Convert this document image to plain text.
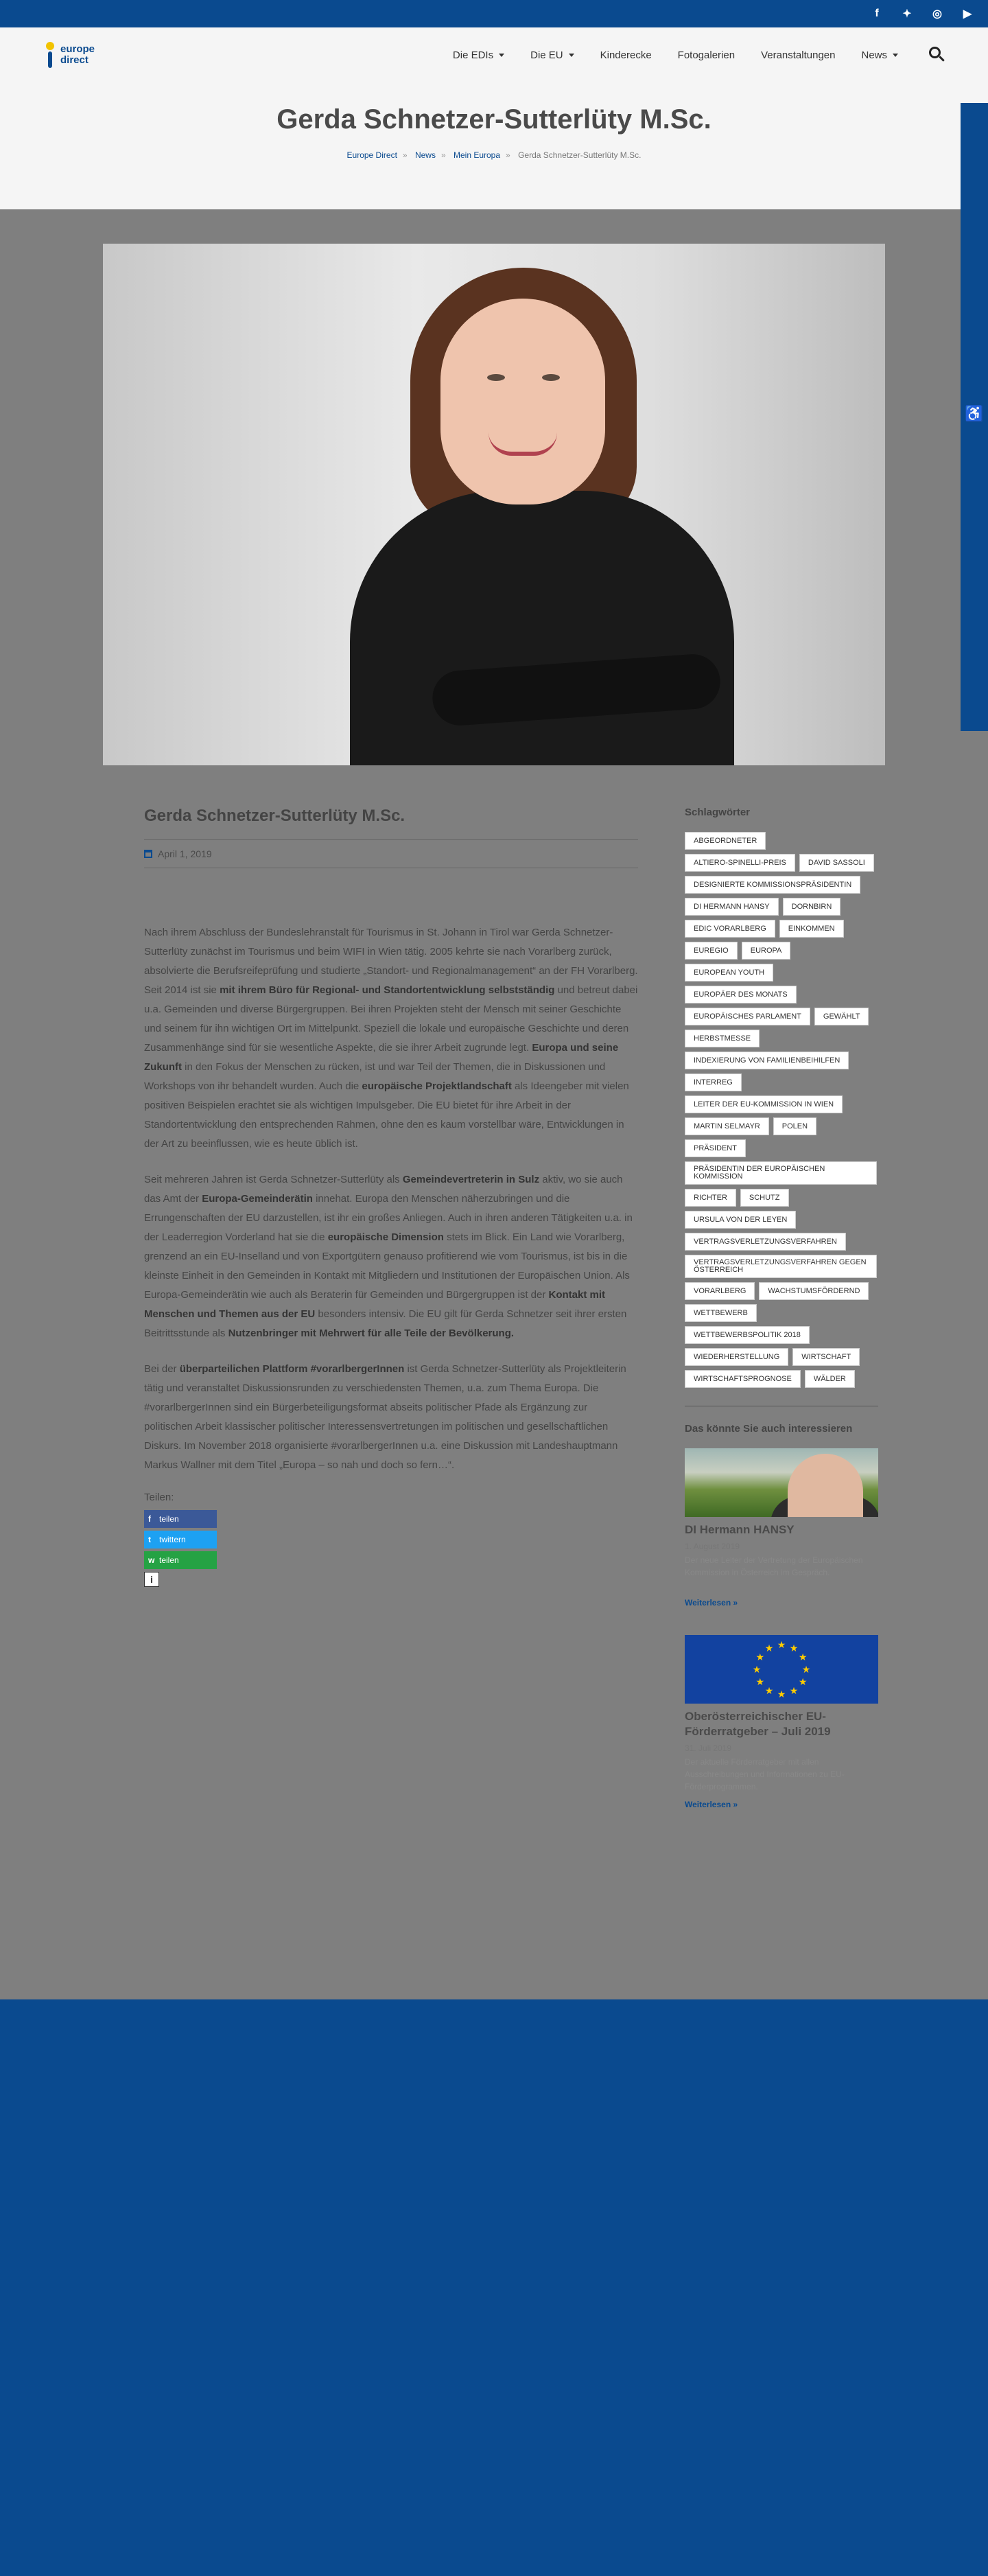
f	✦	◎	▶
europe
direct	Die EDIs	Die EU	Kinderecke	Fotogalerien	Veranstaltungen	News
Gerda Schnetzer-Sutterlüty M.Sc.
Europe Direct » News » Mein Europa » Gerda Schnetzer-Sutterlüty M.Sc.
Gerda Schnetzer-Sutterlüty M.Sc.
April 1, 2019

Nach ihrem Abschluss der Bundeslehranstalt für Tourismus in St. Johann in Tirol war Gerda Schnetzer-Sutterlüty zunächst im Tourismus und beim WIFI in Wien tätig. 2005 kehrte sie nach Vorarlberg zurück, absolvierte die Berufsreifeprüfung und studierte „Standort- und Regionalmanagement“ an der FH Vorarlberg. Seit 2014 ist sie mit ihrem Büro für Regional- und Standortentwicklung selbstständig und betreut dabei u.a. Gemeinden und diverse Bürgergruppen. Bei ihren Projekten steht der Mensch mit seiner Geschichte und seinem für ihn wichtigen Ort im Mittelpunkt. Speziell die lokale und europäische Geschichte und deren Zusammenhänge sind für sie wesentliche Aspekte, die sie ihrer Arbeit zugrunde legt. Europa und seine Zukunft in den Fokus der Menschen zu rücken, ist und war Teil der Themen, die in Diskussionen und Workshops von ihr behandelt wurden. Auch die europäische Projektlandschaft als Ideengeber mit vielen positiven Beispielen erachtet sie als wichtigen Impulsgeber. Die EU bietet für ihre Arbeit in der Standortentwicklung den entsprechenden Rahmen, ohne den es kaum vorstellbar wäre, Entwicklungen in der Art zu beeinflussen, wie es heute üblich ist.

Seit mehreren Jahren ist Gerda Schnetzer-Sutterlüty als Gemeindevertreterin in Sulz aktiv, wo sie auch das Amt der Europa-Gemeinderätin innehat. Europa den Menschen näherzubringen und die Errungenschaften der EU darzustellen, ist ihr ein großes Anliegen. Auch in ihren anderen Tätigkeiten u.a. in der Leaderregion Vorderland hat sie die europäische Dimension stets im Blick. Ein Land wie Vorarlberg, grenzend an ein EU-Inselland und von Exportgütern genauso profitierend wie vom Tourismus, ist bis in die kleinste Einheit in den Gemeinden in Kontakt mit Mitgliedern und Institutionen der Europäischen Union. Als Europa-Gemeinderätin wie auch als Beraterin für Gemeinden und Bürgergruppen ist der Kontakt mit Menschen und Themen aus der EU besonders intensiv. Die EU gilt für Gerda Schnetzer seit ihrer ersten Beitrittsstunde als Nutzenbringer mit Mehrwert für alle Teile der Bevölkerung.

Bei der überparteilichen Plattform #vorarlbergerInnen ist Gerda Schnetzer-Sutterlüty als Projektleiterin tätig und veranstaltet Diskussionsrunden zu verschiedensten Themen, u.a. zum Thema Europa. Die #vorarlbergerInnen sind ein Bürgerbeteiligungsformat abseits politischer Pfade als Ergänzung zur politischen Arbeit klassischer politischer Interessensvertretungen im politischen und gesellschaftlichen Diskurs. Im November 2018 organisierte #vorarlbergerInnen u.a. eine Diskussion mit Landeshauptmann Markus Wallner mit dem Titel „Europa – so nah und doch so fern…“.

Teilen:
f	teilen
t	twittern
w teilen
i
Schlagwörter
ABGEORDNETER
ALTIERO-SPINELLI-PREIS	DAVID SASSOLI
DESIGNIERTE KOMMISSIONSPRÄSIDENTIN
DI HERMANN HANSY	DORNBIRN
EDIC VORARLBERG	EINKOMMEN
EUREGIO	EUROPA
EUROPEAN YOUTH
EUROPÄER DES MONATS
EUROPÄISCHES PARLAMENT	GEWÄHLT
HERBSTMESSE
INDEXIERUNG VON FAMILIENBEIHILFEN
INTERREG
LEITER DER EU-KOMMISSION IN WIEN
MARTIN SELMAYR	POLEN
PRÄSIDENT
PRÄSIDENTIN DER EUROPÄISCHEN KOMMISSION
RICHTER	SCHUTZ
URSULA VON DER LEYEN
VERTRAGSVERLETZUNGSVERFAHREN
VERTRAGSVERLETZUNGSVERFAHREN GEGEN ÖSTERREICH
VORARLBERG	WACHSTUMSFÖRDERND
WETTBEWERB
WETTBEWERBSPOLITIK 2018
WIEDERHERSTELLUNG	WIRTSCHAFT
WIRTSCHAFTSPROGNOSE	WÄLDER
Das könnte Sie auch interessieren
DI Hermann HANSY
1. August 2019
Der neue Leiter der Vertretung der Europäischen Kommission in Österreich im Gespräch.
Weiterlesen »
★ ★
★
★
★
★
★
★
★
★
★
★
Oberösterreichischer EU-Förderratgeber – Juli 2019
31. Juli 2019
Der aktuelle Förderratgeber mit allen Ausschreibungen und Informationen zu EU-Förderprogrammen.
Weiterlesen »
♿
